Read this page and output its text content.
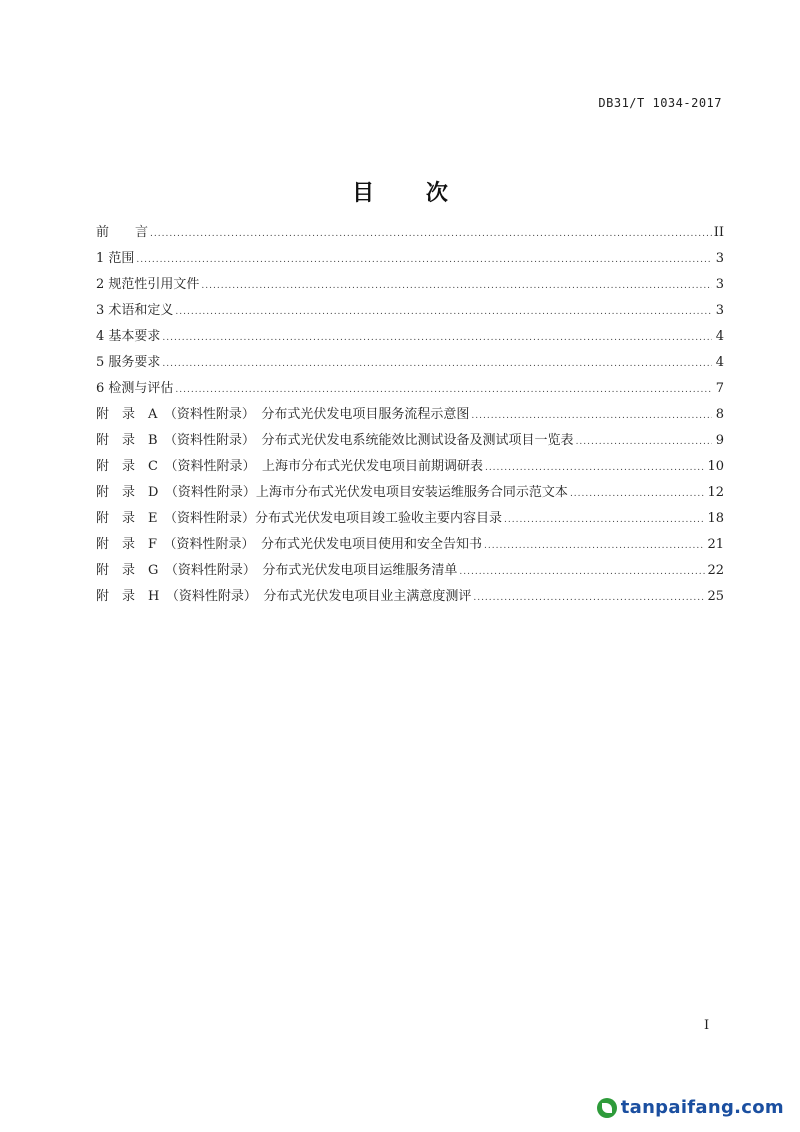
DB31/T 1034-2017
目 次
前　　言 .....	II
1 范围 .....	3
2 规范性引用文件 .....	3
3 术语和定义 .....	3
4 基本要求 .....	4
5 服务要求 .....	4
6 检测与评估 .....	7
附　录　A　（资料性附录）　分布式光伏发电项目服务流程示意图 .....	8
附　录　B　（资料性附录）　分布式光伏发电系统能效比测试设备及测试项目一览表 .....	9
附　录　C　（资料性附录）　上海市分布式光伏发电项目前期调研表 .....	10
附　录　D　（资料性附录）上海市分布式光伏发电项目安装运维服务合同示范文本 .....	12
附　录　E　（资料性附录）分布式光伏发电项目竣工验收主要内容目录 .....	18
附　录　F　（资料性附录）　分布式光伏发电项目使用和安全告知书 .....	21
附　录　G　（资料性附录）　分布式光伏发电项目运维服务清单 .....	22
附　录　H　（资料性附录）　分布式光伏发电项目业主满意度测评 .....	25
I
tanpaifang.com
